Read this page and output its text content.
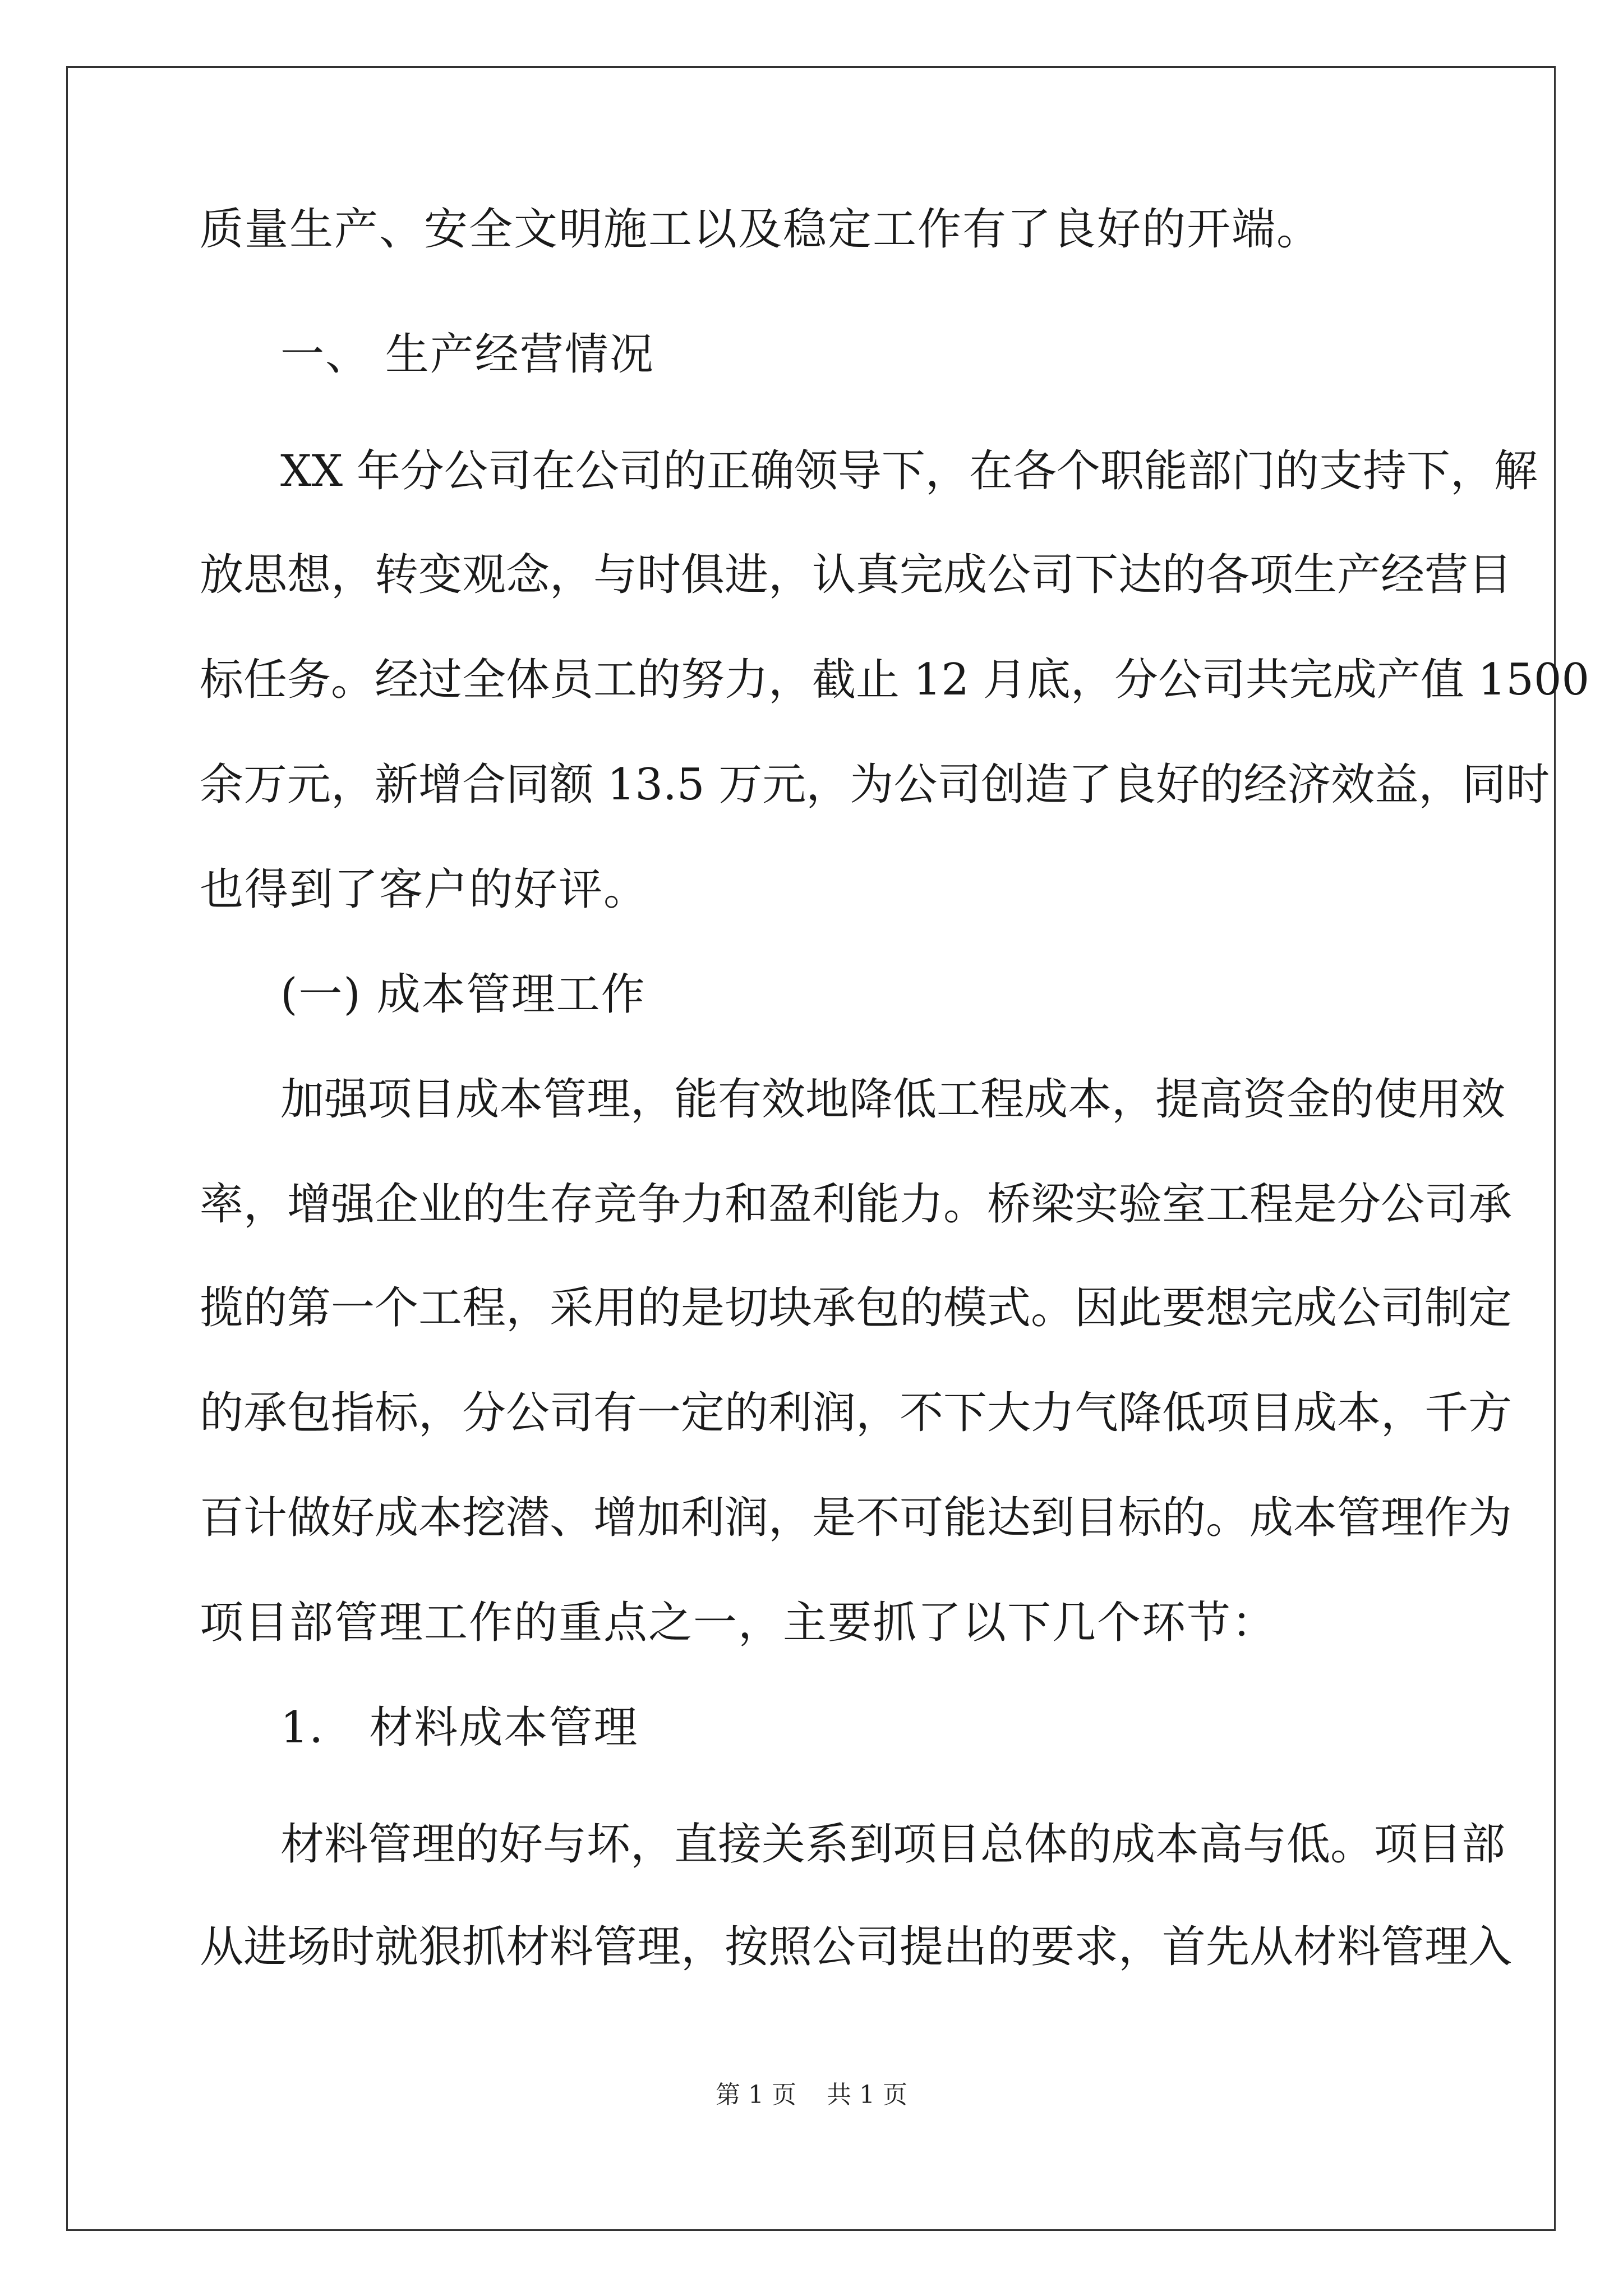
质量生产、安全文明施工以及稳定工作有了良好的开端。
一、 生产经营情况
XX 年分公司在公司的正确领导下，在各个职能部门的支持下，解
放思想，转变观念，与时俱进，认真完成公司下达的各项生产经营目
标任务。经过全体员工的努力，截止 12 月底，分公司共完成产值 1500
余万元，新增合同额 13.5 万元，为公司创造了良好的经济效益，同时
也得到了客户的好评。
(一) 成本管理工作
加强项目成本管理，能有效地降低工程成本，提高资金的使用效
率，增强企业的生存竞争力和盈利能力。桥梁实验室工程是分公司承
揽的第一个工程，采用的是切块承包的模式。因此要想完成公司制定
的承包指标，分公司有一定的利润，不下大力气降低项目成本，千方
百计做好成本挖潜、增加利润，是不可能达到目标的。成本管理作为
项目部管理工作的重点之一，主要抓了以下几个环节：
1． 材料成本管理
材料管理的好与坏，直接关系到项目总体的成本高与低。项目部
从进场时就狠抓材料管理，按照公司提出的要求，首先从材料管理入
第 1 页 共 1 页
